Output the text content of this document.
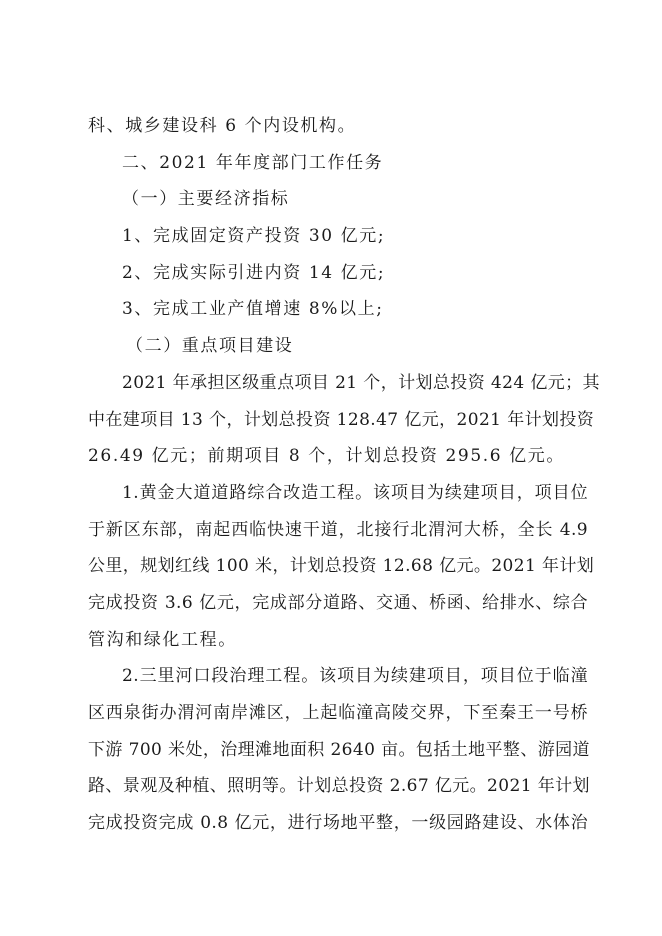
科、城乡建设科 6 个内设机构。
二、2021 年年度部门工作任务
（一）主要经济指标
1、完成固定资产投资 30 亿元;
2、完成实际引进内资 14 亿元;
3、完成工业产值增速 8%以上;
（二）重点项目建设
2021 年承担区级重点项目 21 个，计划总投资 424 亿元；其
中在建项目 13 个，计划总投资 128.47 亿元，2021 年计划投资
26.49 亿元；前期项目 8 个，计划总投资 295.6 亿元。
1.黄金大道道路综合改造工程。该项目为续建项目，项目位
于新区东部，南起西临快速干道，北接行北渭河大桥，全长 4.9
公里，规划红线 100 米，计划总投资 12.68 亿元。2021 年计划
完成投资 3.6 亿元，完成部分道路、交通、桥函、给排水、综合
管沟和绿化工程。
2.三里河口段治理工程。该项目为续建项目，项目位于临潼
区西泉街办渭河南岸滩区，上起临潼高陵交界，下至秦王一号桥
下游 700 米处，治理滩地面积 2640 亩。包括土地平整、游园道
路、景观及种植、照明等。计划总投资 2.67 亿元。2021 年计划
完成投资完成 0.8 亿元，进行场地平整，一级园路建设、水体治
